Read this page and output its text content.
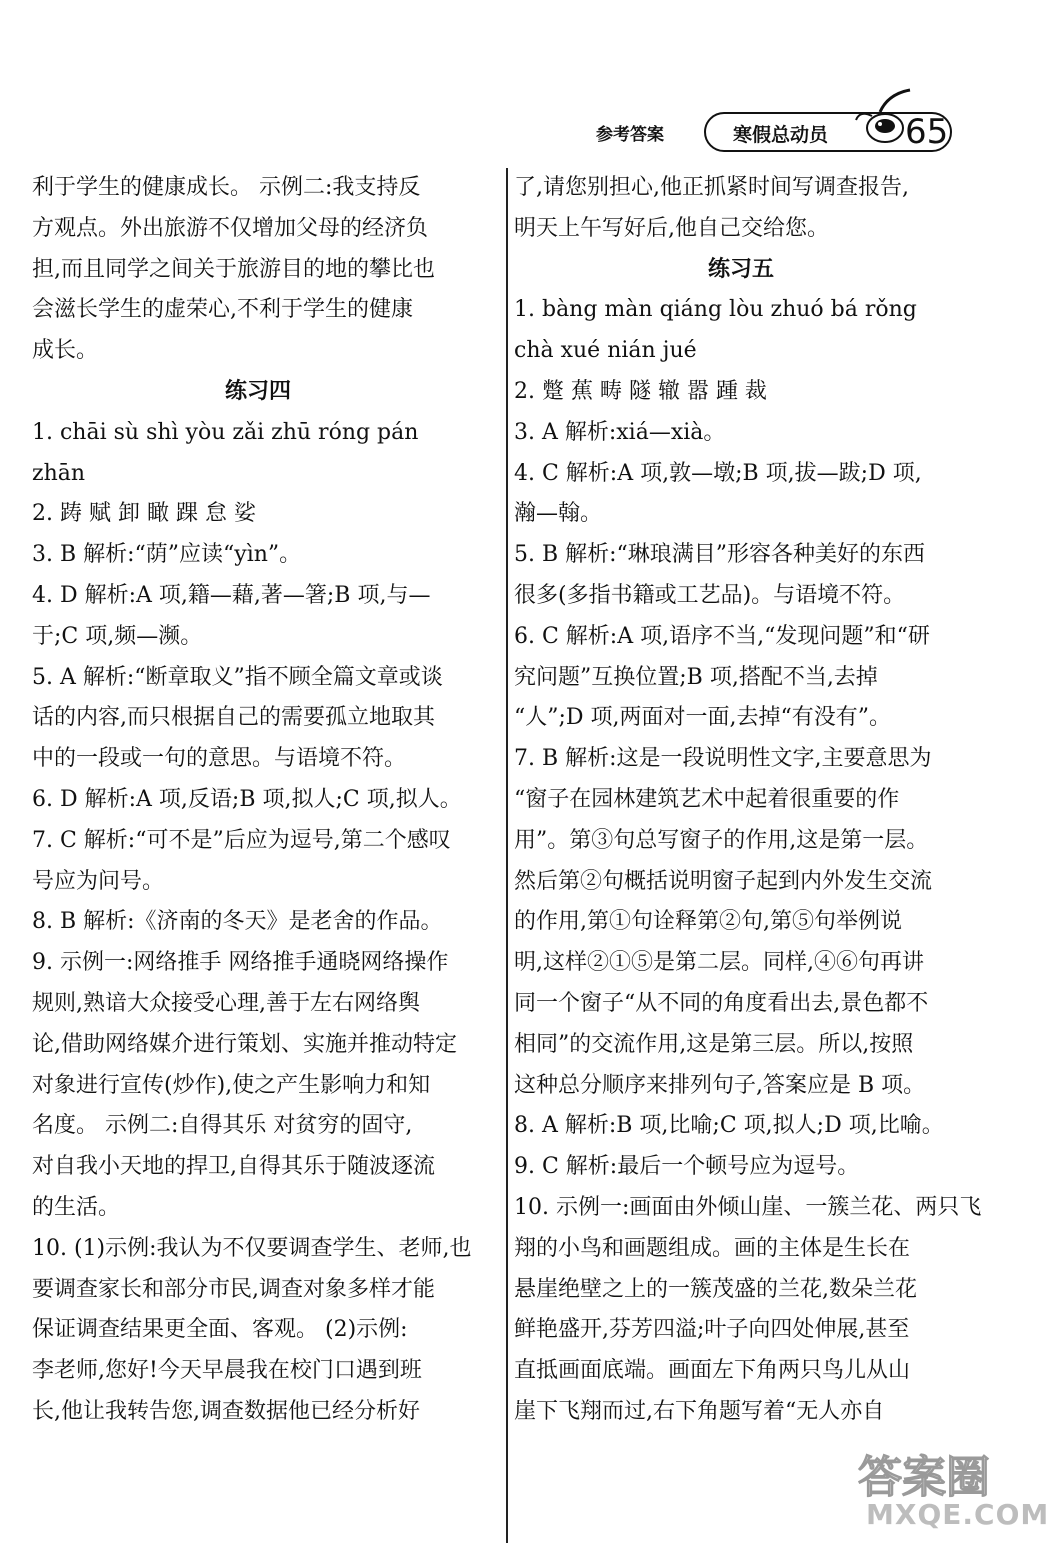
参考答案	寒假总动员 65
利于学生的健康成长。 示例二:我支持反
方观点。外出旅游不仅增加父母的经济负
担,而且同学之间关于旅游目的地的攀比也
会滋长学生的虚荣心,不利于学生的健康
成长。
练习四
1. chāi sù shì yòu zǎi zhū róng pán
zhān
2. 踌 赋 卸 瞰 踝 怠 娑
3. B 解析:“荫”应读“yìn”。
4. D 解析:A 项,籍—藉,著—箸;B 项,与—
于;C 项,频—濒。
5. A 解析:“断章取义”指不顾全篇文章或谈
话的内容,而只根据自己的需要孤立地取其
中的一段或一句的意思。与语境不符。
6. D 解析:A 项,反语;B 项,拟人;C 项,拟人。
7. C 解析:“可不是”后应为逗号,第二个感叹
号应为问号。
8. B 解析:《济南的冬天》是老舍的作品。
9. 示例一:网络推手 网络推手通晓网络操作
规则,熟谙大众接受心理,善于左右网络舆
论,借助网络媒介进行策划、实施并推动特定
对象进行宣传(炒作),使之产生影响力和知
名度。 示例二:自得其乐 对贫穷的固守,
对自我小天地的捍卫,自得其乐于随波逐流
的生活。
10. (1)示例:我认为不仅要调查学生、老师,也
要调查家长和部分市民,调查对象多样才能
保证调查结果更全面、客观。 (2)示例:
李老师,您好!今天早晨我在校门口遇到班
长,他让我转告您,调查数据他已经分析好
了,请您别担心,他正抓紧时间写调查报告,
明天上午写好后,他自己交给您。
练习五
1. bàng màn qiáng lòu zhuó bá rǒng
chà xué nián jué
2. 蹩 蕉 畴 隧 辙 嚣 踵 裁
3. A 解析:xiá—xià。
4. C 解析:A 项,敦—墩;B 项,拔—跋;D 项,
瀚—翰。
5. B 解析:“琳琅满目”形容各种美好的东西
很多(多指书籍或工艺品)。与语境不符。
6. C 解析:A 项,语序不当,“发现问题”和“研
究问题”互换位置;B 项,搭配不当,去掉
“人”;D 项,两面对一面,去掉“有没有”。
7. B 解析:这是一段说明性文字,主要意思为
“窗子在园林建筑艺术中起着很重要的作
用”。第③句总写窗子的作用,这是第一层。
然后第②句概括说明窗子起到内外发生交流
的作用,第①句诠释第②句,第⑤句举例说
明,这样②①⑤是第二层。同样,④⑥句再讲
同一个窗子“从不同的角度看出去,景色都不
相同”的交流作用,这是第三层。所以,按照
这种总分顺序来排列句子,答案应是 B 项。
8. A 解析:B 项,比喻;C 项,拟人;D 项,比喻。
9. C 解析:最后一个顿号应为逗号。
10. 示例一:画面由外倾山崖、一簇兰花、两只飞
翔的小鸟和画题组成。画的主体是生长在
悬崖绝壁之上的一簇茂盛的兰花,数朵兰花
鲜艳盛开,芬芳四溢;叶子向四处伸展,甚至
直抵画面底端。画面左下角两只鸟儿从山
崖下飞翔而过,右下角题写着“无人亦自
答案圈
MXQE.COM
